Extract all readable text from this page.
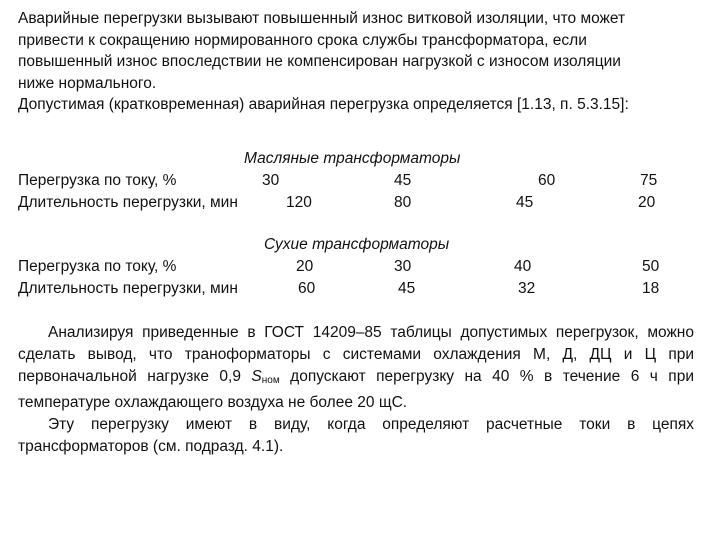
Аварийные перегрузки вызывают повышенный износ витковой изоляции, что может

привести к сокращению нормированного срока службы трансформатора, если

повышенный износ впоследствии не компенсирован нагрузкой с износом изоляции

ниже нормального.

Допустимая (кратковременная) аварийная перегрузка определяется [1.13, п. 5.3.15]:

Масляные трансформаторы
Перегрузка по току, %	30	45	60	75
Длительность перегрузки, мин	120	80	45	20
Сухие трансформаторы
Перегрузка по току, %	20	30	40	50
Длительность перегрузки, мин	60	45	32	18

Анализируя приведенные в ГОСТ 14209–85 таблицы допустимых перегрузок, можно сделать вывод, что траноформаторы с системами охлаждения М, Д, ДЦ и Ц при первоначальной нагрузке 0,9 Sном допускают перегрузку на 40 % в течение 6 ч при температуре охлаждающего воздуха не более 20 щС.

Эту перегрузку имеют в виду, когда определяют расчетные токи в цепях трансформаторов (см. подразд. 4.1).
